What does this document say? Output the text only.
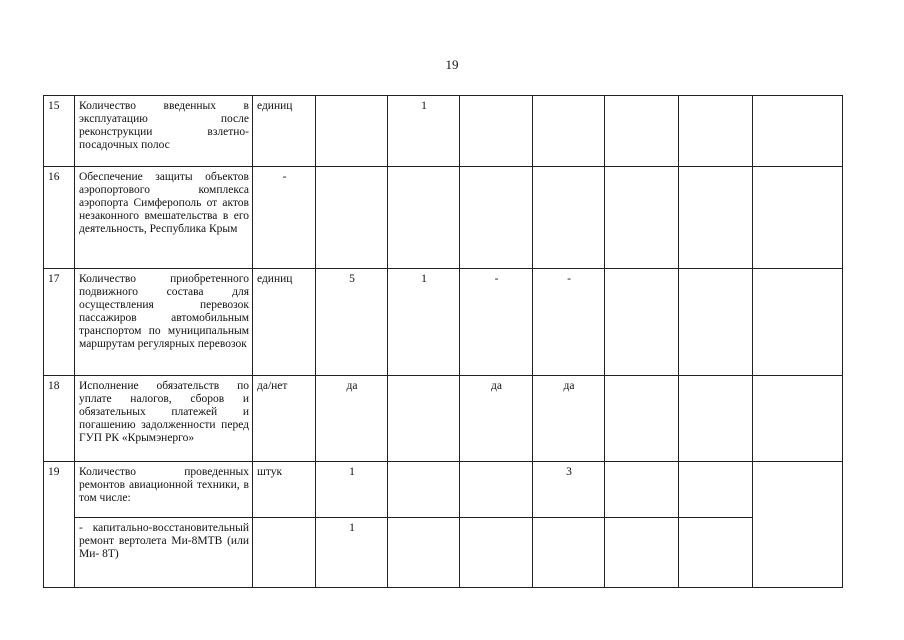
19
15	Количество введенных в эксплуатацию после реконструкции взлетно-посадочных полос	единиц		1					
16	Обеспечение защиты объектов аэропортового комплекса аэропорта Симферополь от актов незаконного вмешательства в его деятельность, Республика Крым	-							
17	Количество приобретенного подвижного состава для осуществления перевозок пассажиров автомобильным транспортом по муниципальным маршрутам регулярных перевозок	единиц	5	1	-	-			
18	Исполнение обязательств по уплате налогов, сборов и обязательных платежей и погашению задолженности перед ГУП РК «Крымэнерго»	да/нет	да		да	да			
19	Количество проведенных ремонтов авиационной техники, в том числе:	штук	1			3			
	- капитально-восстановительный ремонт вертолета Ми-8МТВ (или Ми- 8Т)		1						
